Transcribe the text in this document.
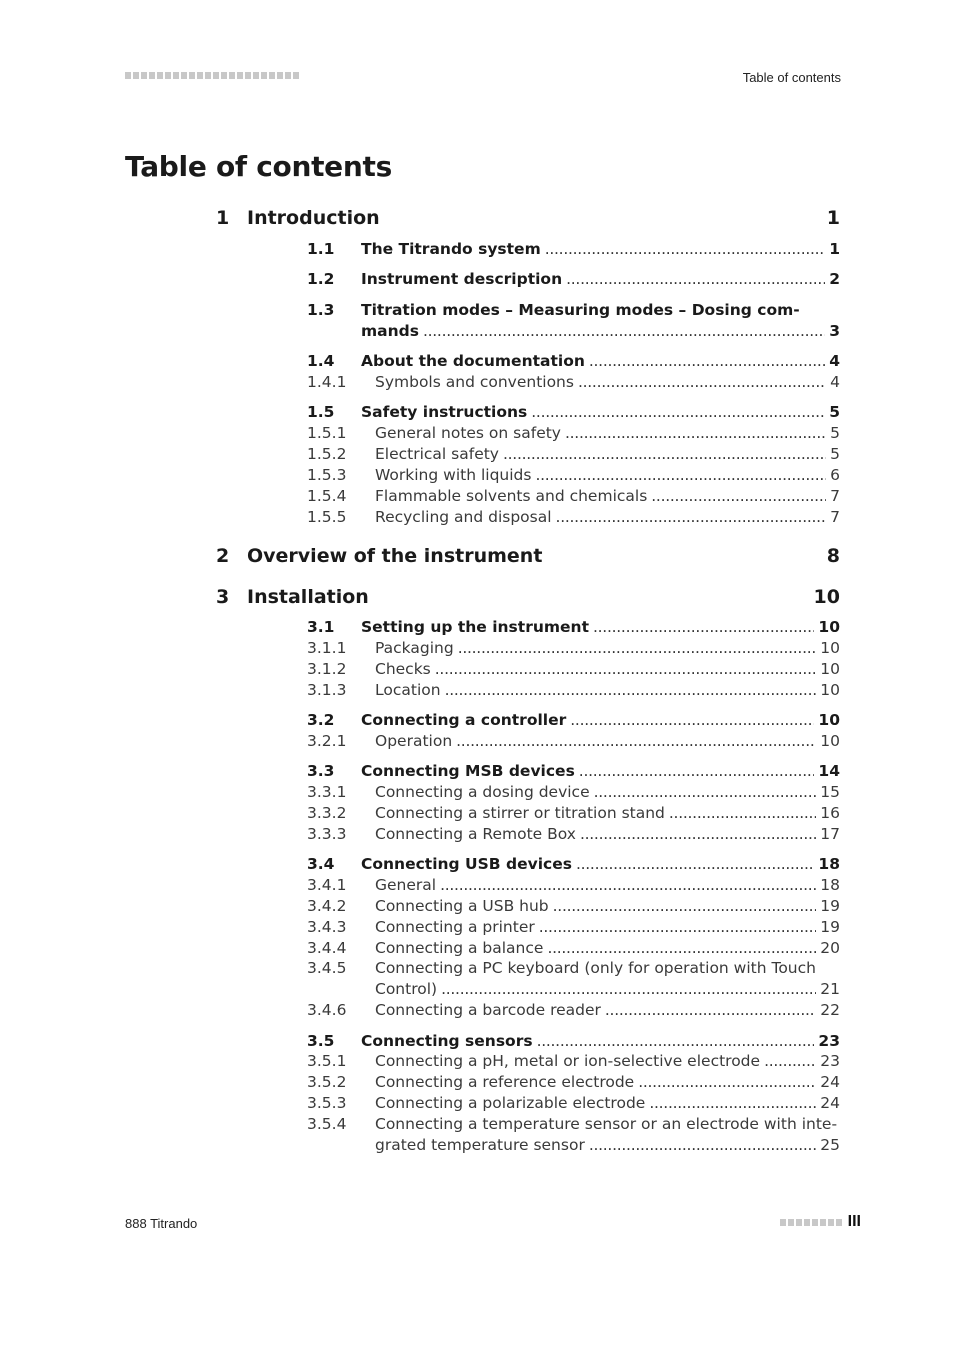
Table of contents
Table of contents
1 Introduction	1
1.1 The Titrando system . . .	1
1.2 Instrument description . . .	2
1.3 Titration modes – Measuring modes – Dosing com-
mands . . .	3
1.4 About the documentation . . .	4
1.4.1 Symbols and conventions . . .	4
1.5 Safety instructions . . .	5
1.5.1 General notes on safety . . .	5
1.5.2 Electrical safety . . .	5
1.5.3 Working with liquids . . .	6
1.5.4 Flammable solvents and chemicals . . .	7
1.5.5 Recycling and disposal . . .	7
2 Overview of the instrument	8
3 Installation	10
3.1 Setting up the instrument . . .	10
3.1.1 Packaging . . .	10
3.1.2 Checks . . .	10
3.1.3 Location . . .	10
3.2 Connecting a controller . . .	10
3.2.1 Operation . . .	10
3.3 Connecting MSB devices . . .	14
3.3.1 Connecting a dosing device . . .	15
3.3.2 Connecting a stirrer or titration stand . . .	16
3.3.3 Connecting a Remote Box . . .	17
3.4 Connecting USB devices . . .	18
3.4.1 General . . .	18
3.4.2 Connecting a USB hub . . .	19
3.4.3 Connecting a printer . . .	19
3.4.4 Connecting a balance . . .	20
3.4.5 Connecting a PC keyboard (only for operation with Touch
Control) . . .	21
3.4.6 Connecting a barcode reader . . .	22
3.5 Connecting sensors . . .	23
3.5.1 Connecting a pH, metal or ion-selective electrode . . .	23
3.5.2 Connecting a reference electrode . . .	24
3.5.3 Connecting a polarizable electrode . . .	24
3.5.4 Connecting a temperature sensor or an electrode with inte-
grated temperature sensor . . .	25
888 Titrando	III
